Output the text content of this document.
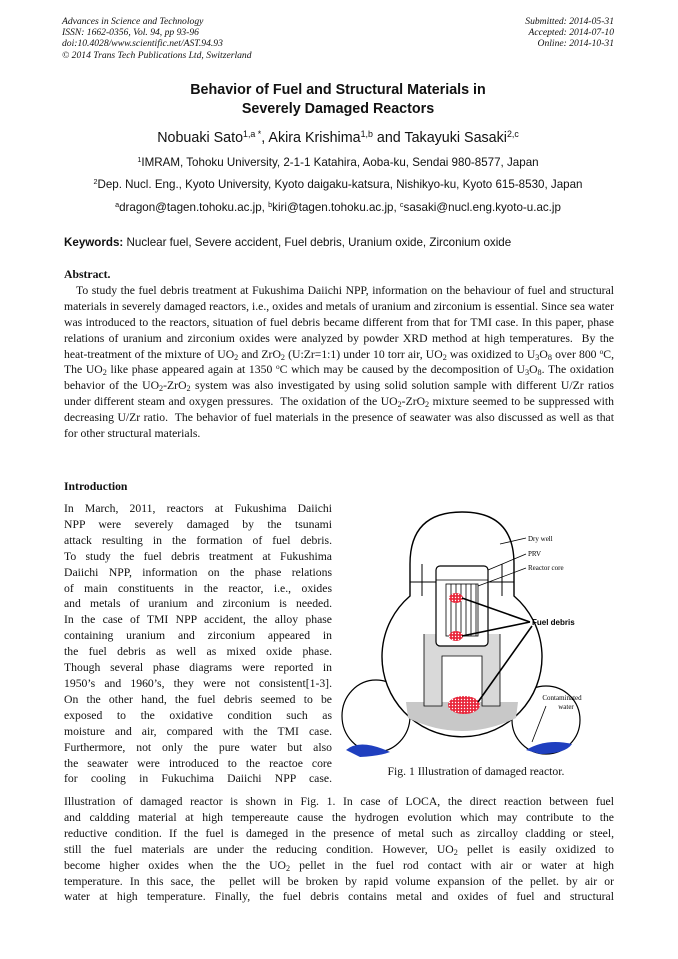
Advances in Science and Technology
ISSN: 1662-0356, Vol. 94, pp 93-96
doi:10.4028/www.scientific.net/AST.94.93
© 2014 Trans Tech Publications Ltd, Switzerland
Submitted: 2014-05-31
Accepted: 2014-07-10
Online: 2014-10-31
Behavior of Fuel and Structural Materials in
Severely Damaged Reactors
Nobuaki Sato$^{1,a *}$, Akira Krishima$^{1,b}$ and Takayuki Sasaki$^{2,c}$
$^1$IMRAM, Tohoku University, 2-1-1 Katahira, Aoba-ku, Sendai 980-8577, Japan
$^2$Dep. Nucl. Eng., Kyoto University, Kyoto daigaku-katsura, Nishikyo-ku, Kyoto 615-8530, Japan
$^a$dragon@tagen.tohoku.ac.jp, $^b$kiri@tagen.tohoku.ac.jp, $^c$sasaki@nucl.eng.kyoto-u.ac.jp
Keywords: Nuclear fuel, Severe accident, Fuel debris, Uranium oxide, Zirconium oxide
Abstract.
To study the fuel debris treatment at Fukushima Daiichi NPP, information on the behaviour of fuel and structural materials in severely damaged reactors, i.e., oxides and metals of uranium and zirconium is essential. Since sea water was introduced to the reactors, situation of fuel debris became different from that for TMI case. In this paper, phase relations of uranium and zirconium oxides were analyzed by powder XRD method at high temperatures.  By the heat-treatment of the mixture of $UO_2$ and ZrO$_2$ (U:Zr=1:1) under 10 torr air, $UO_2$ was oxidized to $U_3O_8$ over 800 $^o$C, The $UO_2$ like phase appeared again at 1350 $^o$C which may be caused by the decomposition of $U_3O_8$. The oxidation behavior of the $UO_2-ZrO_2$ system was also investigated by using solid solution sample with different U/Zr ratios under different steam and oxygen pressures.  The oxidation of the $UO_2-ZrO_2$ mixture seemed to be suppressed with decreasing U/Zr ratio.  The behavior of fuel materials in the presence of seawater was also discussed as well as that for other structural materials.
Introduction
In March, 2011, reactors at Fukushima Daiichi
NPP were severely damaged by the tsunami
attack resulting in the formation of fuel debris.
To study the fuel debris treatment at Fukushima
Daiichi NPP, information on the phase relations
of main constituents in the reactor, i.e., oxides
and metals of uranium and zirconium is needed.
In the case of TMI NPP accident, the alloy phase
containing uranium and zirconium appeared in
the fuel debris as well as mixed oxide phase.
Though several phase diagrams were reported in
1950’s and 1960’s, they were not consistent[1-3].
On the other hand, the fuel debris seemed to be
exposed to the oxidative condition such as
moisture and air, compared with the TMI case.
Furthermore, not only the pure water but also
the seawater were introduced to the reactoe core
for cooling in Fukuchima Daiichi NPP case.
Illustration of damaged reactor is shown in Fig. 1. In case of LOCA, the direct reaction between fuel
and caldding material at high tempereaute cause the hydrogen evolution which may contribute to the
reductive condition. If the fuel is dameged in the presence of metal such as zircalloy cladding or steel,
still the fuel materials are under the reducing condition. However, $UO_2$ pellet is easily oxidized to
become higher oxides when the the $UO_2$ pellet in the fuel rod contact with air or water at high
temperature. In this sace, the  pellet will be broken by rapid volume expansion of the pellet. by air or
water at high temperature. Finally, the fuel debris contains metal and oxides of fuel and structural
Dry well
PRV
Reactor core
Fuel debris
Contaminated
water
Fig. 1 Illustration of damaged reactor.
